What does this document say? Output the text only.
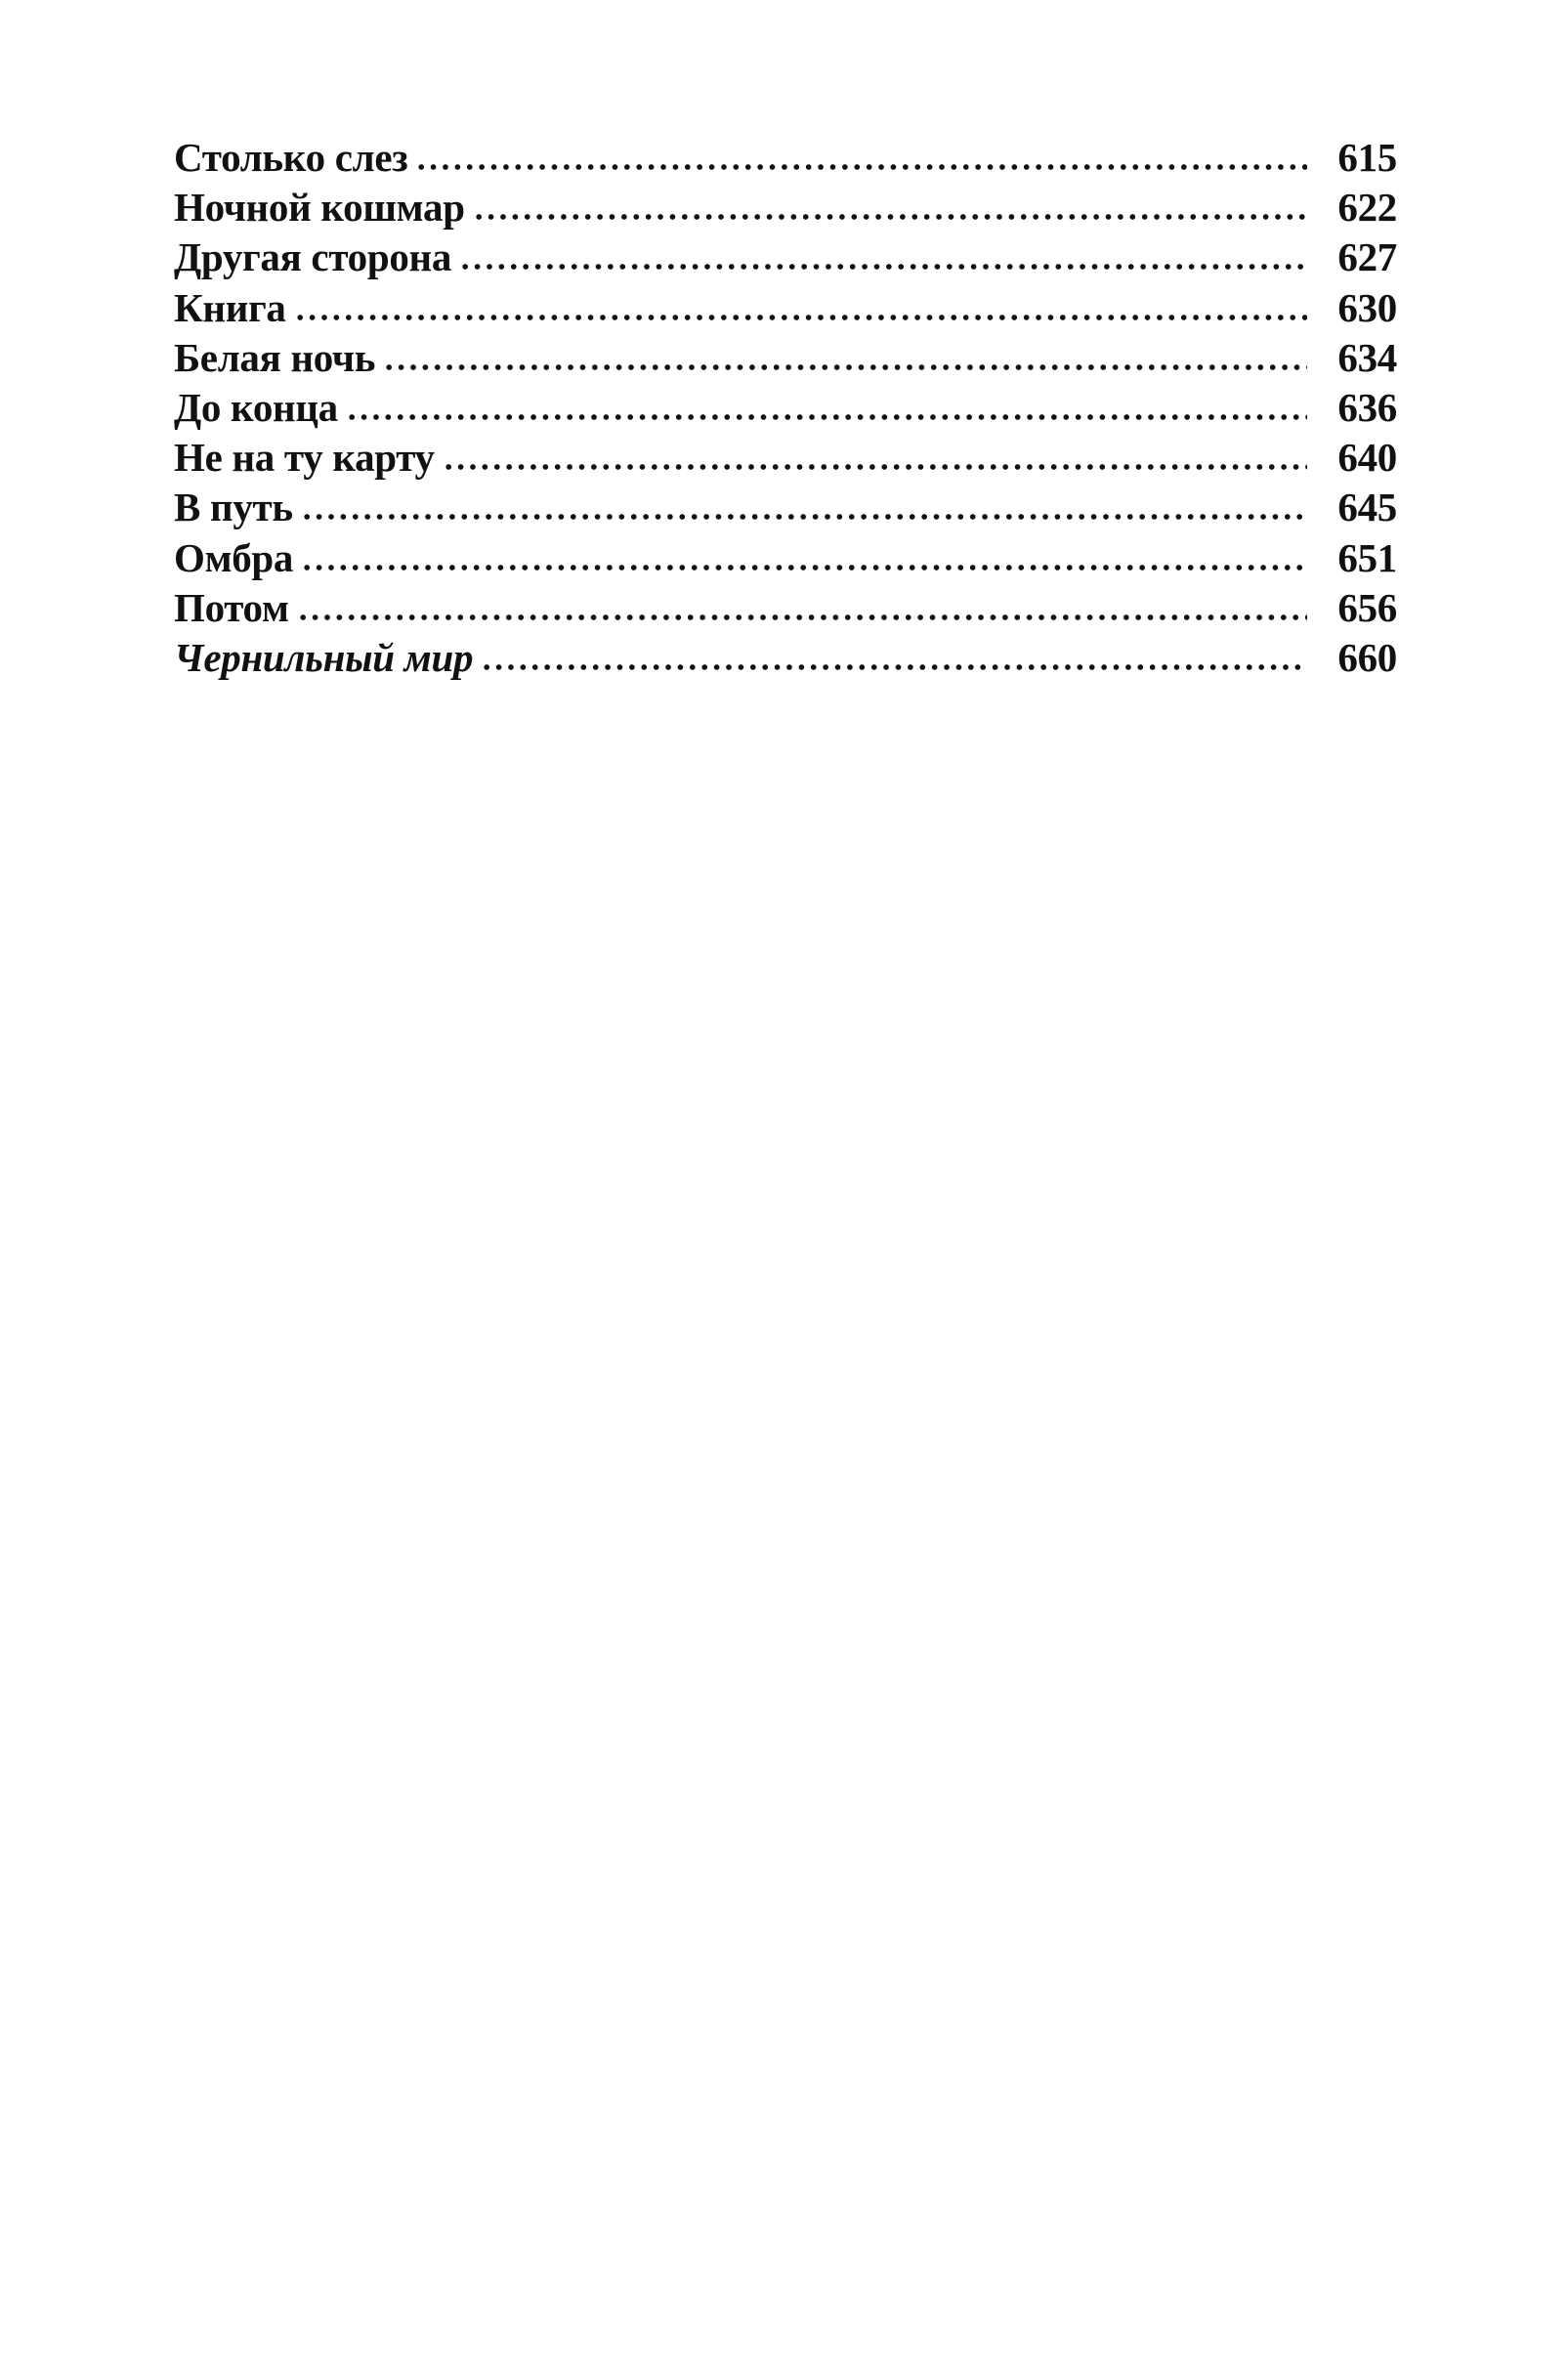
Столько слез	615
Ночной кошмар	622
Другая сторона	627
Книга	630
Белая ночь	634
До конца	636
Не на ту карту	640
В путь	645
Омбра	651
Потом	656
Чернильный мир	660
